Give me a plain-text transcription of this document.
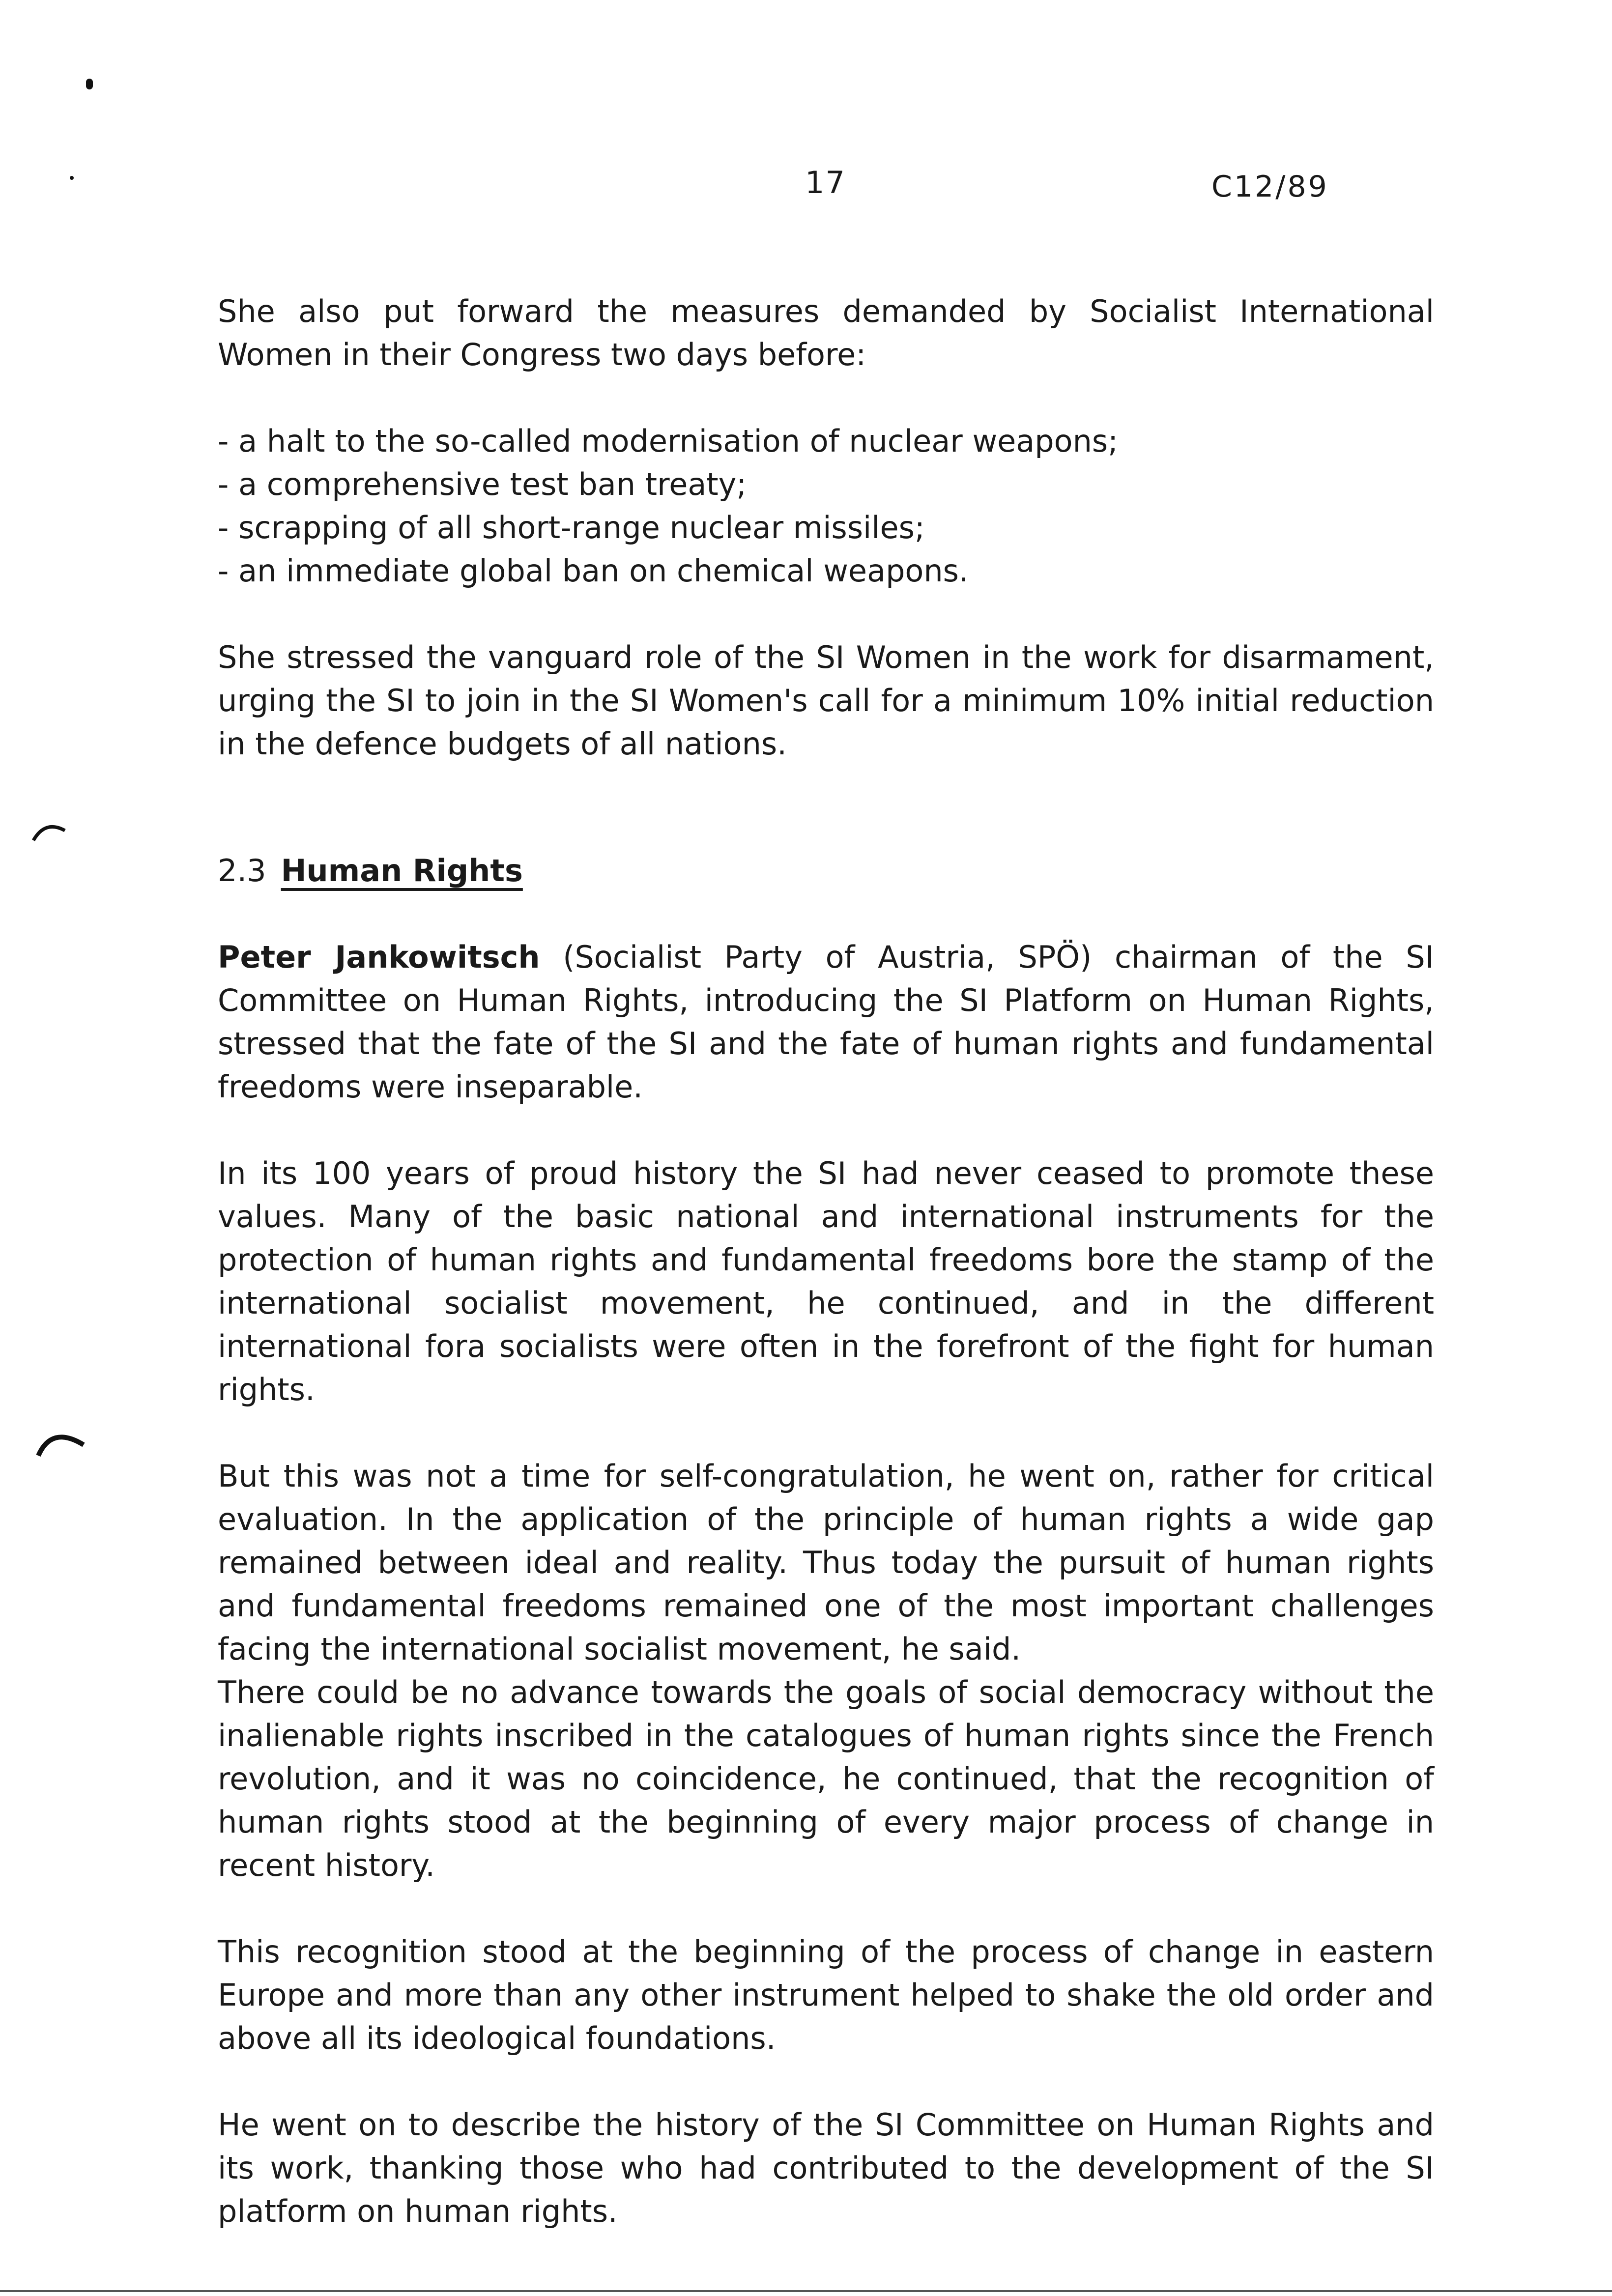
17	C12/89

She also put forward the measures demanded by Socialist International Women in their Congress two days before:

- a halt to the so-called modernisation of nuclear weapons;
- a comprehensive test ban treaty;
- scrapping of all short-range nuclear missiles;
- an immediate global ban on chemical weapons.

She stressed the vanguard role of the SI Women in the work for disarmament, urging the SI to join in the SI Women's call for a minimum 10% initial reduction in the defence budgets of all nations.

2.3 Human Rights

Peter Jankowitsch (Socialist Party of Austria, SPÖ) chairman of the SI Committee on Human Rights, introducing the SI Platform on Human Rights, stressed that the fate of the SI and the fate of human rights and fundamental freedoms were inseparable.

In its 100 years of proud history the SI had never ceased to promote these values. Many of the basic national and international instruments for the protection of human rights and fundamental freedoms bore the stamp of the international socialist movement, he continued, and in the different international fora socialists were often in the forefront of the fight for human rights.

But this was not a time for self-congratulation, he went on, rather for critical evaluation. In the application of the principle of human rights a wide gap remained between ideal and reality. Thus today the pursuit of human rights and fundamental freedoms remained one of the most important challenges facing the international socialist movement, he said.

There could be no advance towards the goals of social democracy without the inalienable rights inscribed in the catalogues of human rights since the French revolution, and it was no coincidence, he continued, that the recognition of human rights stood at the beginning of every major process of change in recent history.

This recognition stood at the beginning of the process of change in eastern Europe and more than any other instrument helped to shake the old order and above all its ideological foundations.

He went on to describe the history of the SI Committee on Human Rights and its work, thanking those who had contributed to the development of the SI platform on human rights.
